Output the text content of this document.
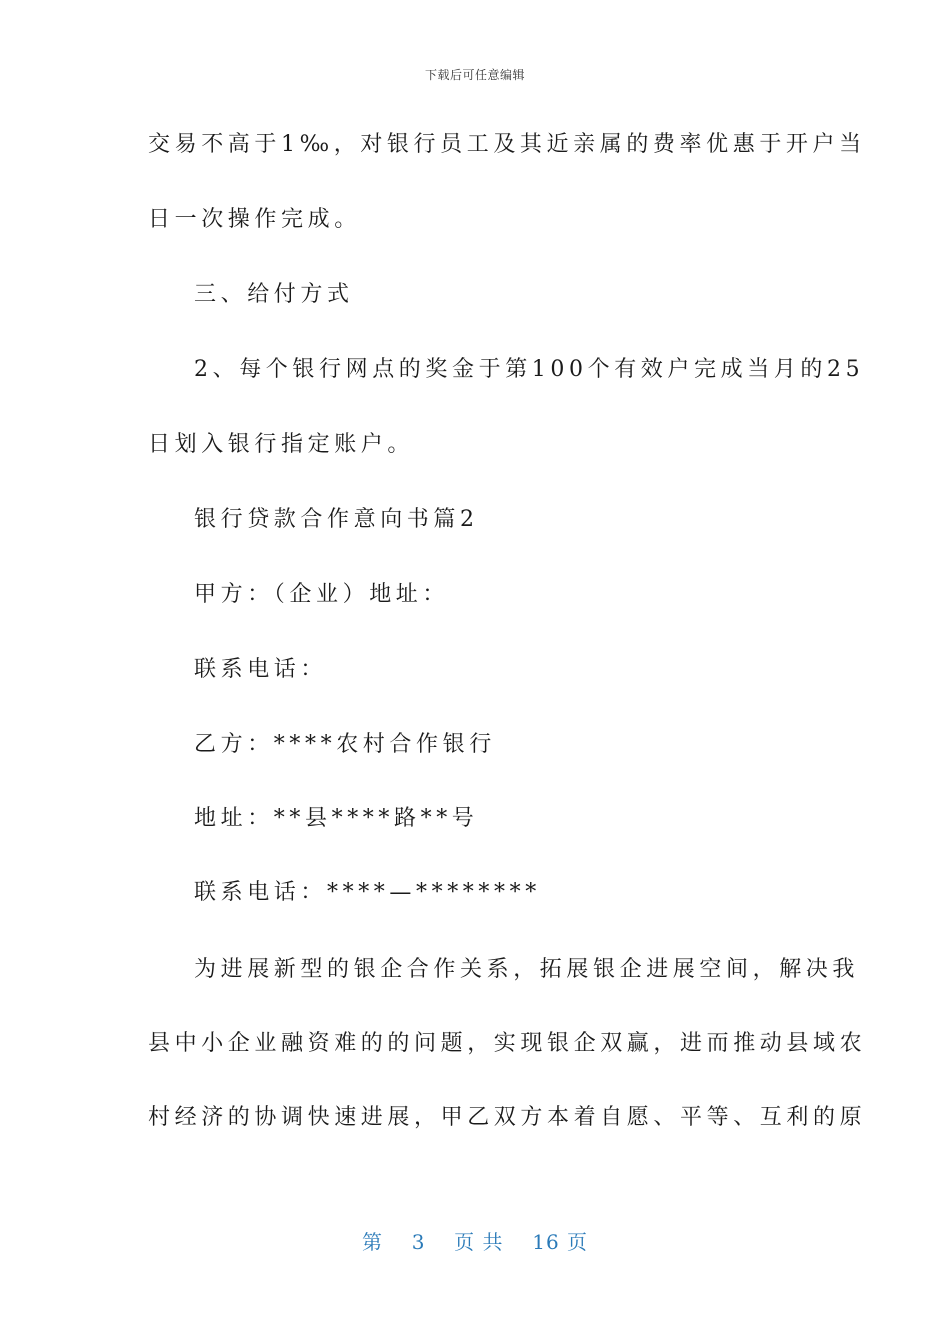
下载后可任意编辑
交易不高于1‰，对银行员工及其近亲属的费率优惠于开户当
日一次操作完成。
三、给付方式
2、每个银行网点的奖金于第100个有效户完成当月的25
日划入银行指定账户。
银行贷款合作意向书篇2
甲方：（企业）地址：
联系电话：
乙方：****农村合作银行
地址：**县****路**号
联系电话：****—********
为进展新型的银企合作关系，拓展银企进展空间，解决我
县中小企业融资难的的问题，实现银企双赢，进而推动县域农
村经济的协调快速进展，甲乙双方本着自愿、平等、互利的原
第 3 页 共 16 页
